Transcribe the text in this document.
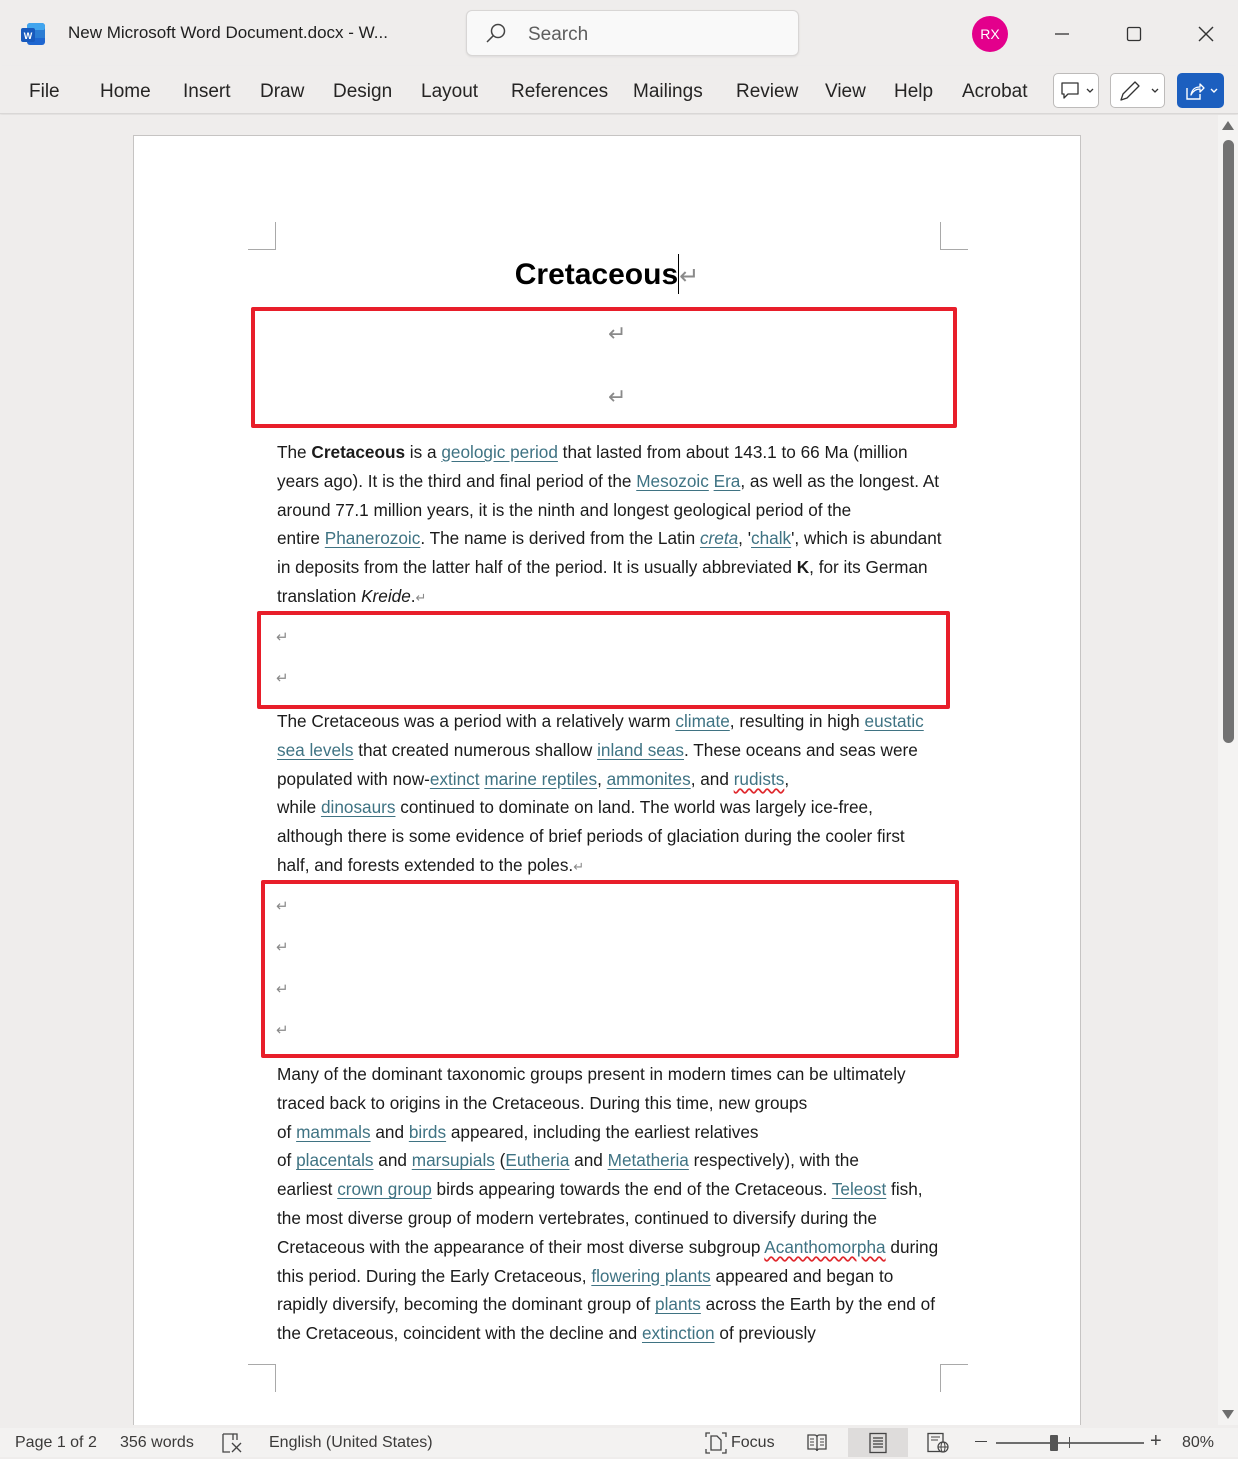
W New Microsoft Word Document.docx - W...	Search	RX
File Home Insert Draw Design Layout References Mailings Review View Help Acrobat
Cretaceous↵
↵
↵
The Cretaceous is a geologic period that lasted from about 143.1 to 66 Ma (million
years ago). It is the third and final period of the Mesozoic Era, as well as the longest. At
around 77.1 million years, it is the ninth and longest geological period of the
entire Phanerozoic. The name is derived from the Latin creta, 'chalk', which is abundant
in deposits from the latter half of the period. It is usually abbreviated K, for its German
translation Kreide.↵
↵
↵
The Cretaceous was a period with a relatively warm climate, resulting in high eustatic
sea levels that created numerous shallow inland seas. These oceans and seas were
populated with now-extinct marine reptiles, ammonites, and rudists,
while dinosaurs continued to dominate on land. The world was largely ice-free,
although there is some evidence of brief periods of glaciation during the cooler first
half, and forests extended to the poles.↵
↵
↵
↵
↵
Many of the dominant taxonomic groups present in modern times can be ultimately
traced back to origins in the Cretaceous. During this time, new groups
of mammals and birds appeared, including the earliest relatives
of placentals and marsupials (Eutheria and Metatheria respectively), with the
earliest crown group birds appearing towards the end of the Cretaceous. Teleost fish,
the most diverse group of modern vertebrates, continued to diversify during the
Cretaceous with the appearance of their most diverse subgroup Acanthomorpha during
this period. During the Early Cretaceous, flowering plants appeared and began to
rapidly diversify, becoming the dominant group of plants across the Earth by the end of
the Cretaceous, coincident with the decline and extinction of previously
Page 1 of 2 356 words	English (United States)	Focus	+ 80%
